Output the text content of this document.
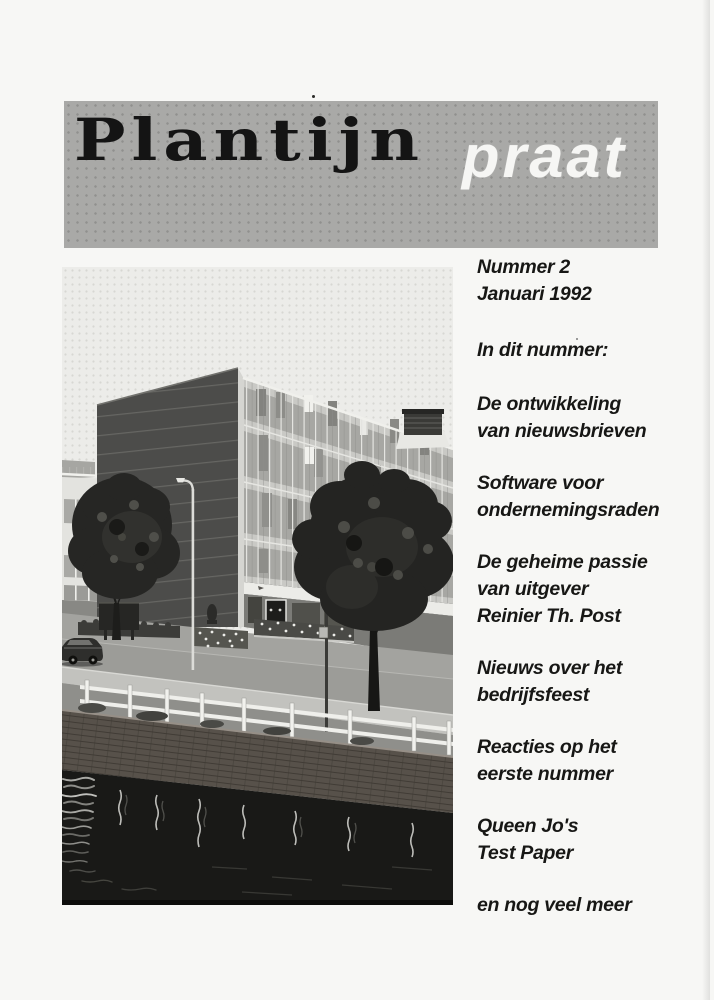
Plantijn praat
Nummer 2
Januari 1992
In dit nummer:
De ontwikkeling
van nieuwsbrieven
Software voor
ondernemingsraden
De geheime passie
van uitgever
Reinier Th. Post
Nieuws over het
bedrijfsfeest
Reacties op het
eerste nummer
Queen Jo's
Test Paper
en nog veel meer
